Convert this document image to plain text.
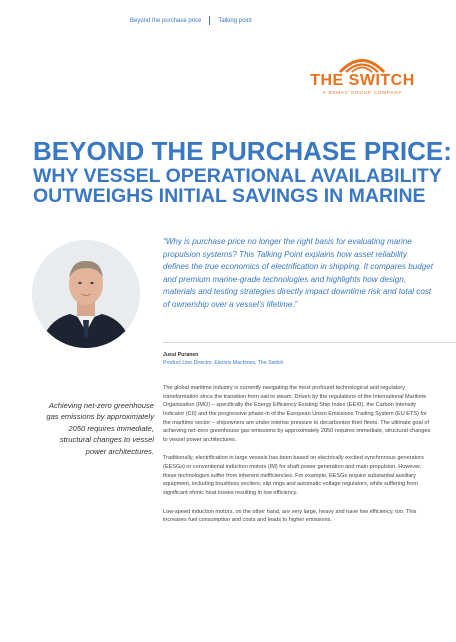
Beyond the purchase price	Talking point
THE SWITCH
A BEMAC GROUP COMPANY
BEYOND THE PURCHASE PRICE:
WHY VESSEL OPERATIONAL AVAILABILITY
OUTWEIGHS INITIAL SAVINGS IN MARINE

“Why is purchase price no longer the right basis for evaluating marine propulsion systems? This Talking Point explains how asset reliability defines the true economics of electrification in shipping. It compares budget and premium marine-grade technologies and highlights how design, materials and testing strategies directly impact downtime risk and total cost of ownership over a vessel’s lifetime.”

Jussi Puranen
Product Line Director, Electric Machines, The Switch

Achieving net-zero greenhouse gas emissions by approximately 2050 requires immediate, structural changes to vessel power architectures.

The global maritime industry is currently navigating the most profound technological and regulatory transformation since the transition from sail to steam. Driven by the regulations of the International Maritime Organization (IMO) – specifically the Energy Efficiency Existing Ship Index (EEXI), the Carbon Intensity Indicator (CII) and the progressive phase-in of the European Union Emissions Trading System (EU ETS) for the maritime sector – shipowners are under intense pressure to decarbonize their fleets. The ultimate goal of achieving net-zero greenhouse gas emissions by approximately 2050 requires immediate, structural changes to vessel power architectures.

Traditionally, electrification in large vessels has been based on electrically excited synchronous generators (EESGs) or conventional induction motors (IM) for shaft power generation and main propulsion. However, these technologies suffer from inherent inefficiencies. For example, EESGs require substantial auxiliary equipment, including brushless exciters, slip rings and automatic voltage regulators, while suffering from significant ohmic heat losses resulting in low efficiency.

Low-speed induction motors, on the other hand, are very large, heavy and have low efficiency, too. This increases fuel consumption and costs and leads to higher emissions.
